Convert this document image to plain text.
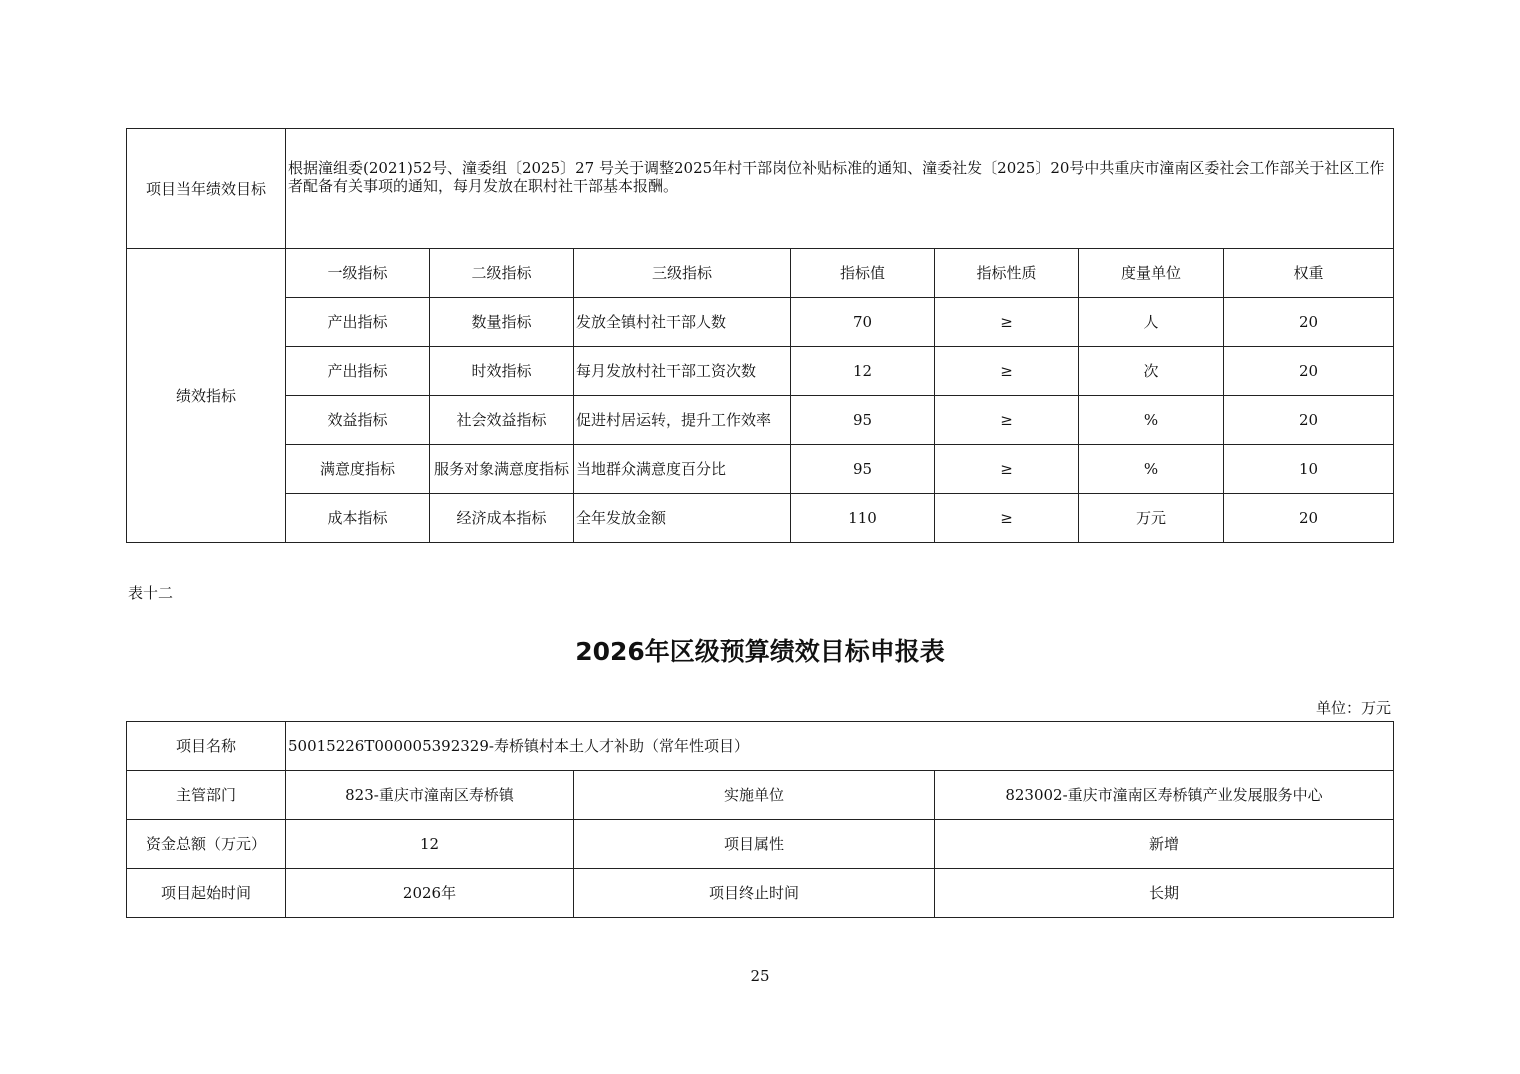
项目当年绩效目标	根据潼组委(2021)52号、潼委组〔2025〕27 号关于调整2025年村干部岗位补贴标准的通知、潼委社发〔2025〕20号中共重庆市潼南区委社会工作部关于社区工作者配备有关事项的通知，每月发放在职村社干部基本报酬。						
绩效指标	一级指标	二级指标	三级指标	指标值	指标性质	度量单位	权重
	产出指标	数量指标	发放全镇村社干部人数	70	≥	人	20
	产出指标	时效指标	每月发放村社干部工资次数	12	≥	次	20
	效益指标	社会效益指标	促进村居运转，提升工作效率	95	≥	%	20
	满意度指标	服务对象满意度指标	当地群众满意度百分比	95	≥	%	10
	成本指标	经济成本指标	全年发放金额	110	≥	万元	20
表十二
2026年区级预算绩效目标申报表
单位：万元
项目名称	50015226T000005392329-寿桥镇村本土人才补助（常年性项目）		
主管部门	823-重庆市潼南区寿桥镇	实施单位	823002-重庆市潼南区寿桥镇产业发展服务中心
资金总额（万元）	12	项目属性	新增
项目起始时间	2026年	项目终止时间	长期
25
